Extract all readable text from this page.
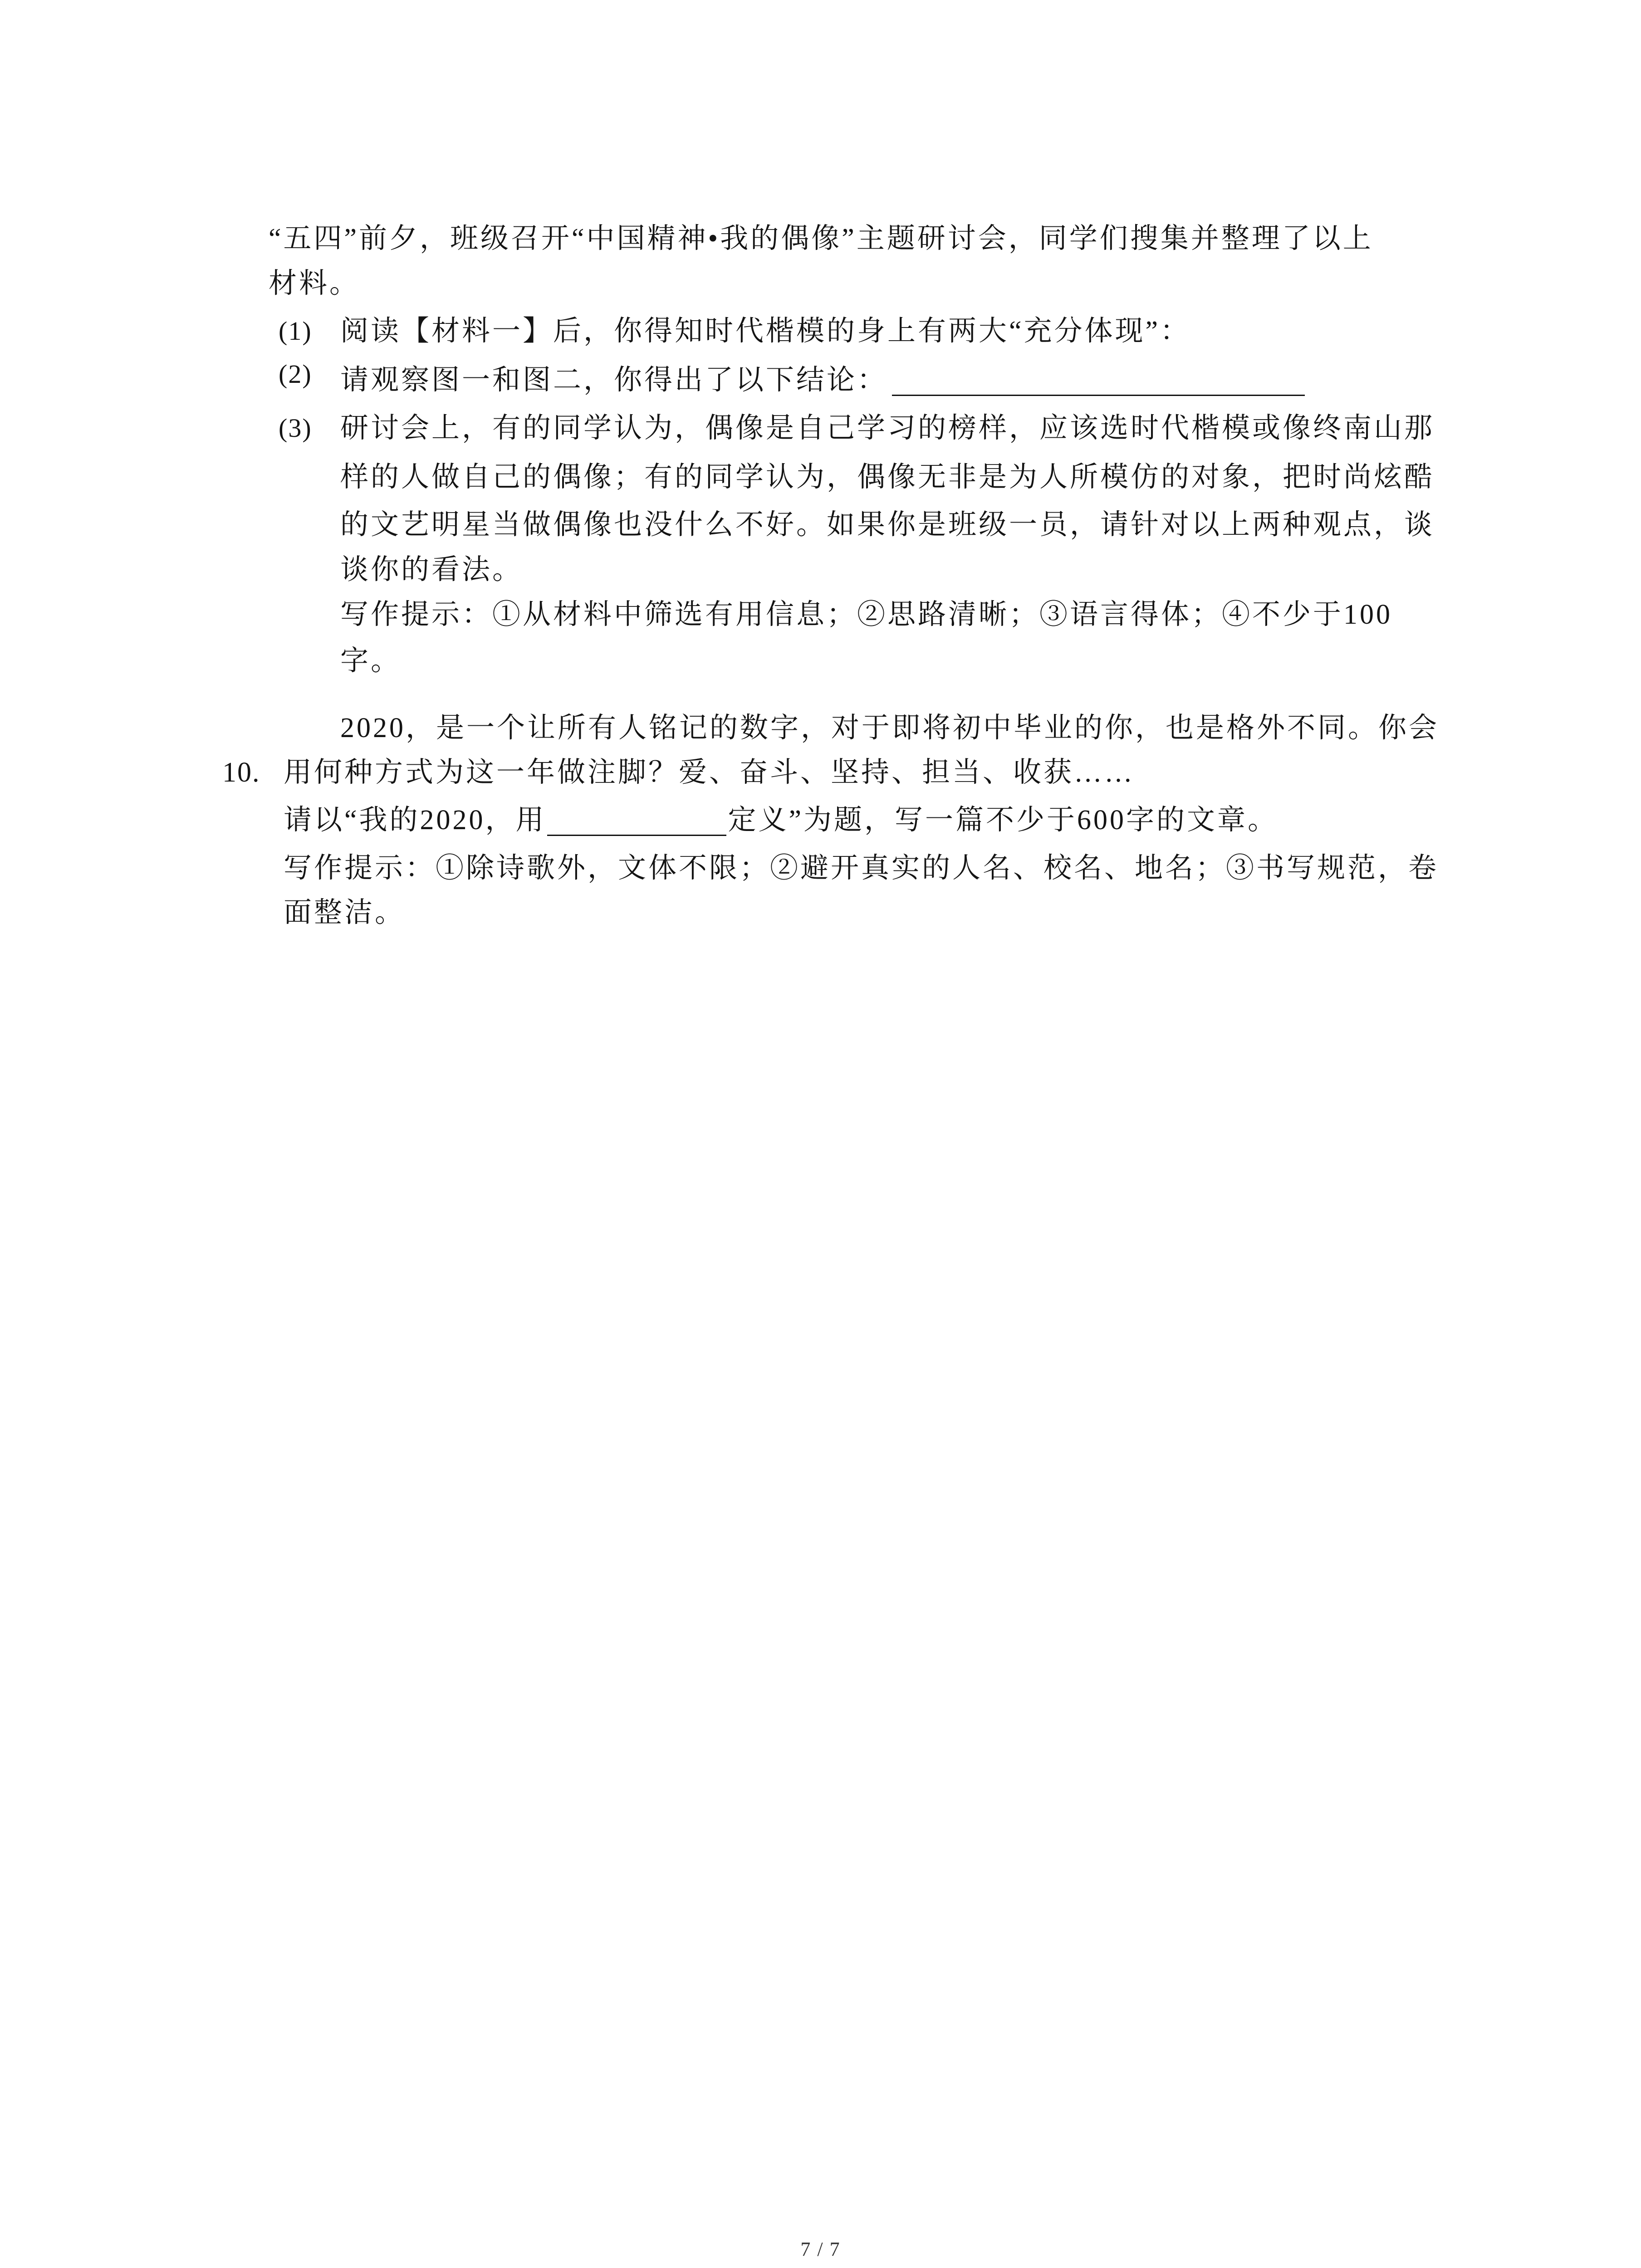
“五四”前夕，班级召开“中国精神•我的偶像”主题研讨会，同学们搜集并整理了以上
材料。
(1)	阅读【材料一】后，你得知时代楷模的身上有两大“充分体现”：
(2)	请观察图一和图二，你得出了以下结论：
(3)	研讨会上，有的同学认为，偶像是自己学习的榜样，应该选时代楷模或像终南山那
样的人做自己的偶像；有的同学认为，偶像无非是为人所模仿的对象，把时尚炫酷
的文艺明星当做偶像也没什么不好。如果你是班级一员，请针对以上两种观点，谈
谈你的看法。
写作提示：①从材料中筛选有用信息；②思路清晰；③语言得体；④不少于100
字。
2020，是一个让所有人铭记的数字，对于即将初中毕业的你，也是格外不同。你会
10. 用何种方式为这一年做注脚？爱、奋斗、坚持、担当、收获……
请以“我的2020，用	定义”为题，写一篇不少于600字的文章。
写作提示：①除诗歌外，文体不限；②避开真实的人名、校名、地名；③书写规范，卷
面整洁。
7 / 7
